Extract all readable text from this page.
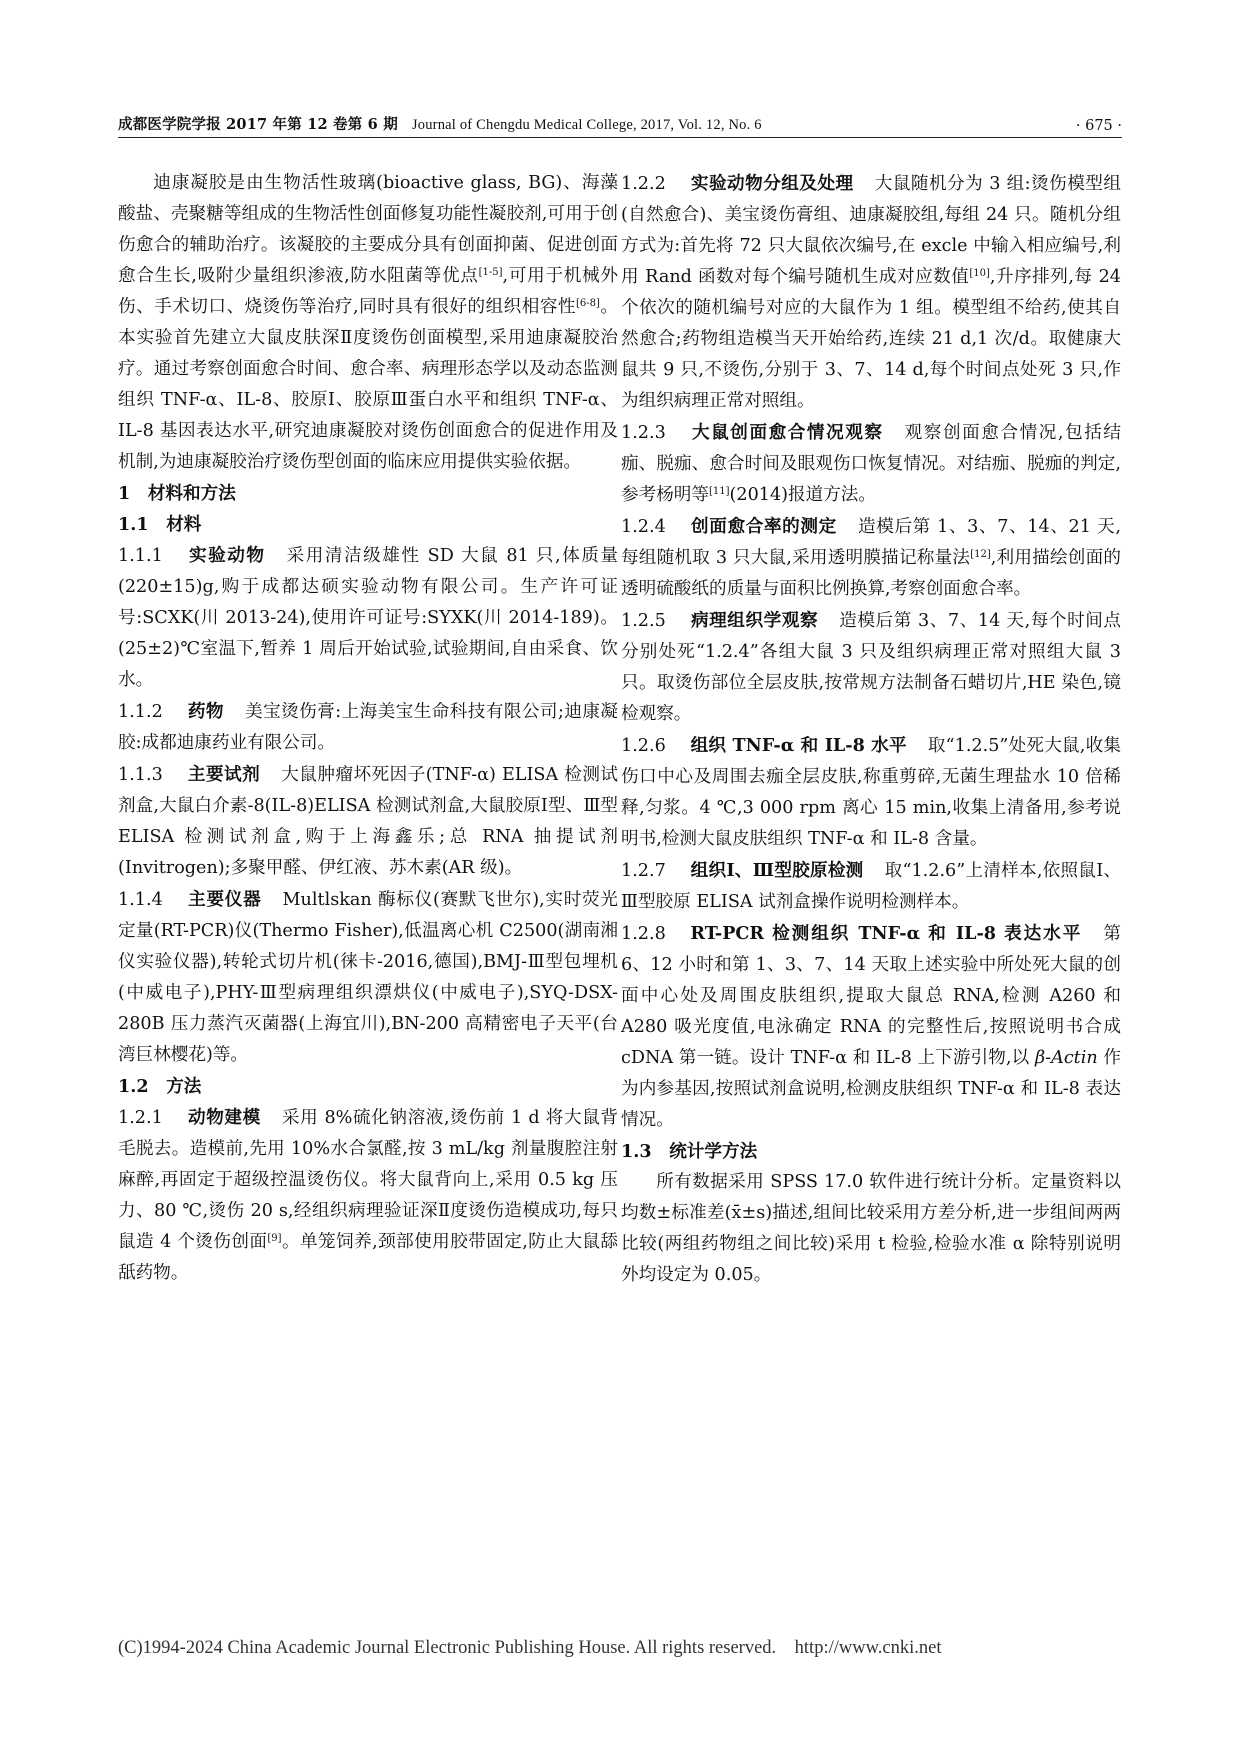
成都医学院学报 2017 年第 12 卷第 6 期 Journal of Chengdu Medical College, 2017, Vol. 12, No. 6	· 675 ·

迪康凝胶是由生物活性玻璃(bioactive glass, BG)、海藻酸盐、壳聚糖等组成的生物活性创面修复功能性凝胶剂,可用于创伤愈合的辅助治疗。该凝胶的主要成分具有创面抑菌、促进创面愈合生长,吸附少量组织渗液,防水阻菌等优点[1-5],可用于机械外伤、手术切口、烧烫伤等治疗,同时具有很好的组织相容性[6-8]。本实验首先建立大鼠皮肤深Ⅱ度烫伤创面模型,采用迪康凝胶治疗。通过考察创面愈合时间、愈合率、病理形态学以及动态监测组织 TNF-α、IL-8、胶原Ⅰ、胶原Ⅲ蛋白水平和组织 TNF-α、IL-8 基因表达水平,研究迪康凝胶对烫伤创面愈合的促进作用及机制,为迪康凝胶治疗烫伤型创面的临床应用提供实验依据。

1　材料和方法

1.1　材料

1.1.1 实验动物 采用清洁级雄性 SD 大鼠 81 只,体质量(220±15)g,购于成都达硕实验动物有限公司。生产许可证号:SCXK(川 2013-24),使用许可证号:SYXK(川 2014-189)。(25±2)℃室温下,暂养 1 周后开始试验,试验期间,自由采食、饮水。

1.1.2 药物 美宝烫伤膏:上海美宝生命科技有限公司;迪康凝胶:成都迪康药业有限公司。

1.1.3 主要试剂 大鼠肿瘤坏死因子(TNF-α) ELISA 检测试剂盒,大鼠白介素-8(IL-8)ELISA 检测试剂盒,大鼠胶原Ⅰ型、Ⅲ型 ELISA 检测试剂盒,购于上海鑫乐;总 RNA 抽提试剂(Invitrogen);多聚甲醛、伊红液、苏木素(AR 级)。

1.1.4 主要仪器 Multlskan 酶标仪(赛默飞世尔),实时荧光定量(RT-PCR)仪(Thermo Fisher),低温离心机 C2500(湖南湘仪实验仪器),转轮式切片机(徕卡-2016,德国),BMJ-Ⅲ型包埋机(中威电子),PHY-Ⅲ型病理组织漂烘仪(中威电子),SYQ-DSX-280B 压力蒸汽灭菌器(上海宜川),BN-200 高精密电子天平(台湾巨林樱花)等。

1.2　方法

1.2.1 动物建模 采用 8%硫化钠溶液,烫伤前 1 d 将大鼠背毛脱去。造模前,先用 10%水合氯醛,按 3 mL/kg 剂量腹腔注射麻醉,再固定于超级控温烫伤仪。将大鼠背向上,采用 0.5 kg 压力、80 ℃,烫伤 20 s,经组织病理验证深Ⅱ度烫伤造模成功,每只鼠造 4 个烫伤创面[9]。单笼饲养,颈部使用胶带固定,防止大鼠舔舐药物。

1.2.2 实验动物分组及处理 大鼠随机分为 3 组:烫伤模型组(自然愈合)、美宝烫伤膏组、迪康凝胶组,每组 24 只。随机分组方式为:首先将 72 只大鼠依次编号,在 excle 中输入相应编号,利用 Rand 函数对每个编号随机生成对应数值[10],升序排列,每 24 个依次的随机编号对应的大鼠作为 1 组。模型组不给药,使其自然愈合;药物组造模当天开始给药,连续 21 d,1 次/d。取健康大鼠共 9 只,不烫伤,分别于 3、7、14 d,每个时间点处死 3 只,作为组织病理正常对照组。

1.2.3 大鼠创面愈合情况观察 观察创面愈合情况,包括结痂、脱痂、愈合时间及眼观伤口恢复情况。对结痂、脱痂的判定,参考杨明等[11](2014)报道方法。

1.2.4 创面愈合率的测定 造模后第 1、3、7、14、21 天,每组随机取 3 只大鼠,采用透明膜描记称量法[12],利用描绘创面的透明硫酸纸的质量与面积比例换算,考察创面愈合率。

1.2.5 病理组织学观察 造模后第 3、7、14 天,每个时间点分别处死“1.2.4”各组大鼠 3 只及组织病理正常对照组大鼠 3 只。取烫伤部位全层皮肤,按常规方法制备石蜡切片,HE 染色,镜检观察。

1.2.6 组织 TNF-α 和 IL-8 水平 取“1.2.5”处死大鼠,收集伤口中心及周围去痂全层皮肤,称重剪碎,无菌生理盐水 10 倍稀释,匀浆。4 ℃,3 000 rpm 离心 15 min,收集上清备用,参考说明书,检测大鼠皮肤组织 TNF-α 和 IL-8 含量。

1.2.7 组织Ⅰ、Ⅲ型胶原检测 取“1.2.6”上清样本,依照鼠Ⅰ、Ⅲ型胶原 ELISA 试剂盒操作说明检测样本。

1.2.8 RT-PCR 检测组织 TNF-α 和 IL-8 表达水平 第 6、12 小时和第 1、3、7、14 天取上述实验中所处死大鼠的创面中心处及周围皮肤组织,提取大鼠总 RNA,检测 A260 和 A280 吸光度值,电泳确定 RNA 的完整性后,按照说明书合成 cDNA 第一链。设计 TNF-α 和 IL-8 上下游引物,以 β-Actin 作为内参基因,按照试剂盒说明,检测皮肤组织 TNF-α 和 IL-8 表达情况。

1.3　统计学方法

所有数据采用 SPSS 17.0 软件进行统计分析。定量资料以均数±标准差(x̄±s)描述,组间比较采用方差分析,进一步组间两两比较(两组药物组之间比较)采用 t 检验,检验水准 α 除特别说明外均设定为 0.05。

(C)1994-2024 China Academic Journal Electronic Publishing House. All rights reserved. http://www.cnki.net
